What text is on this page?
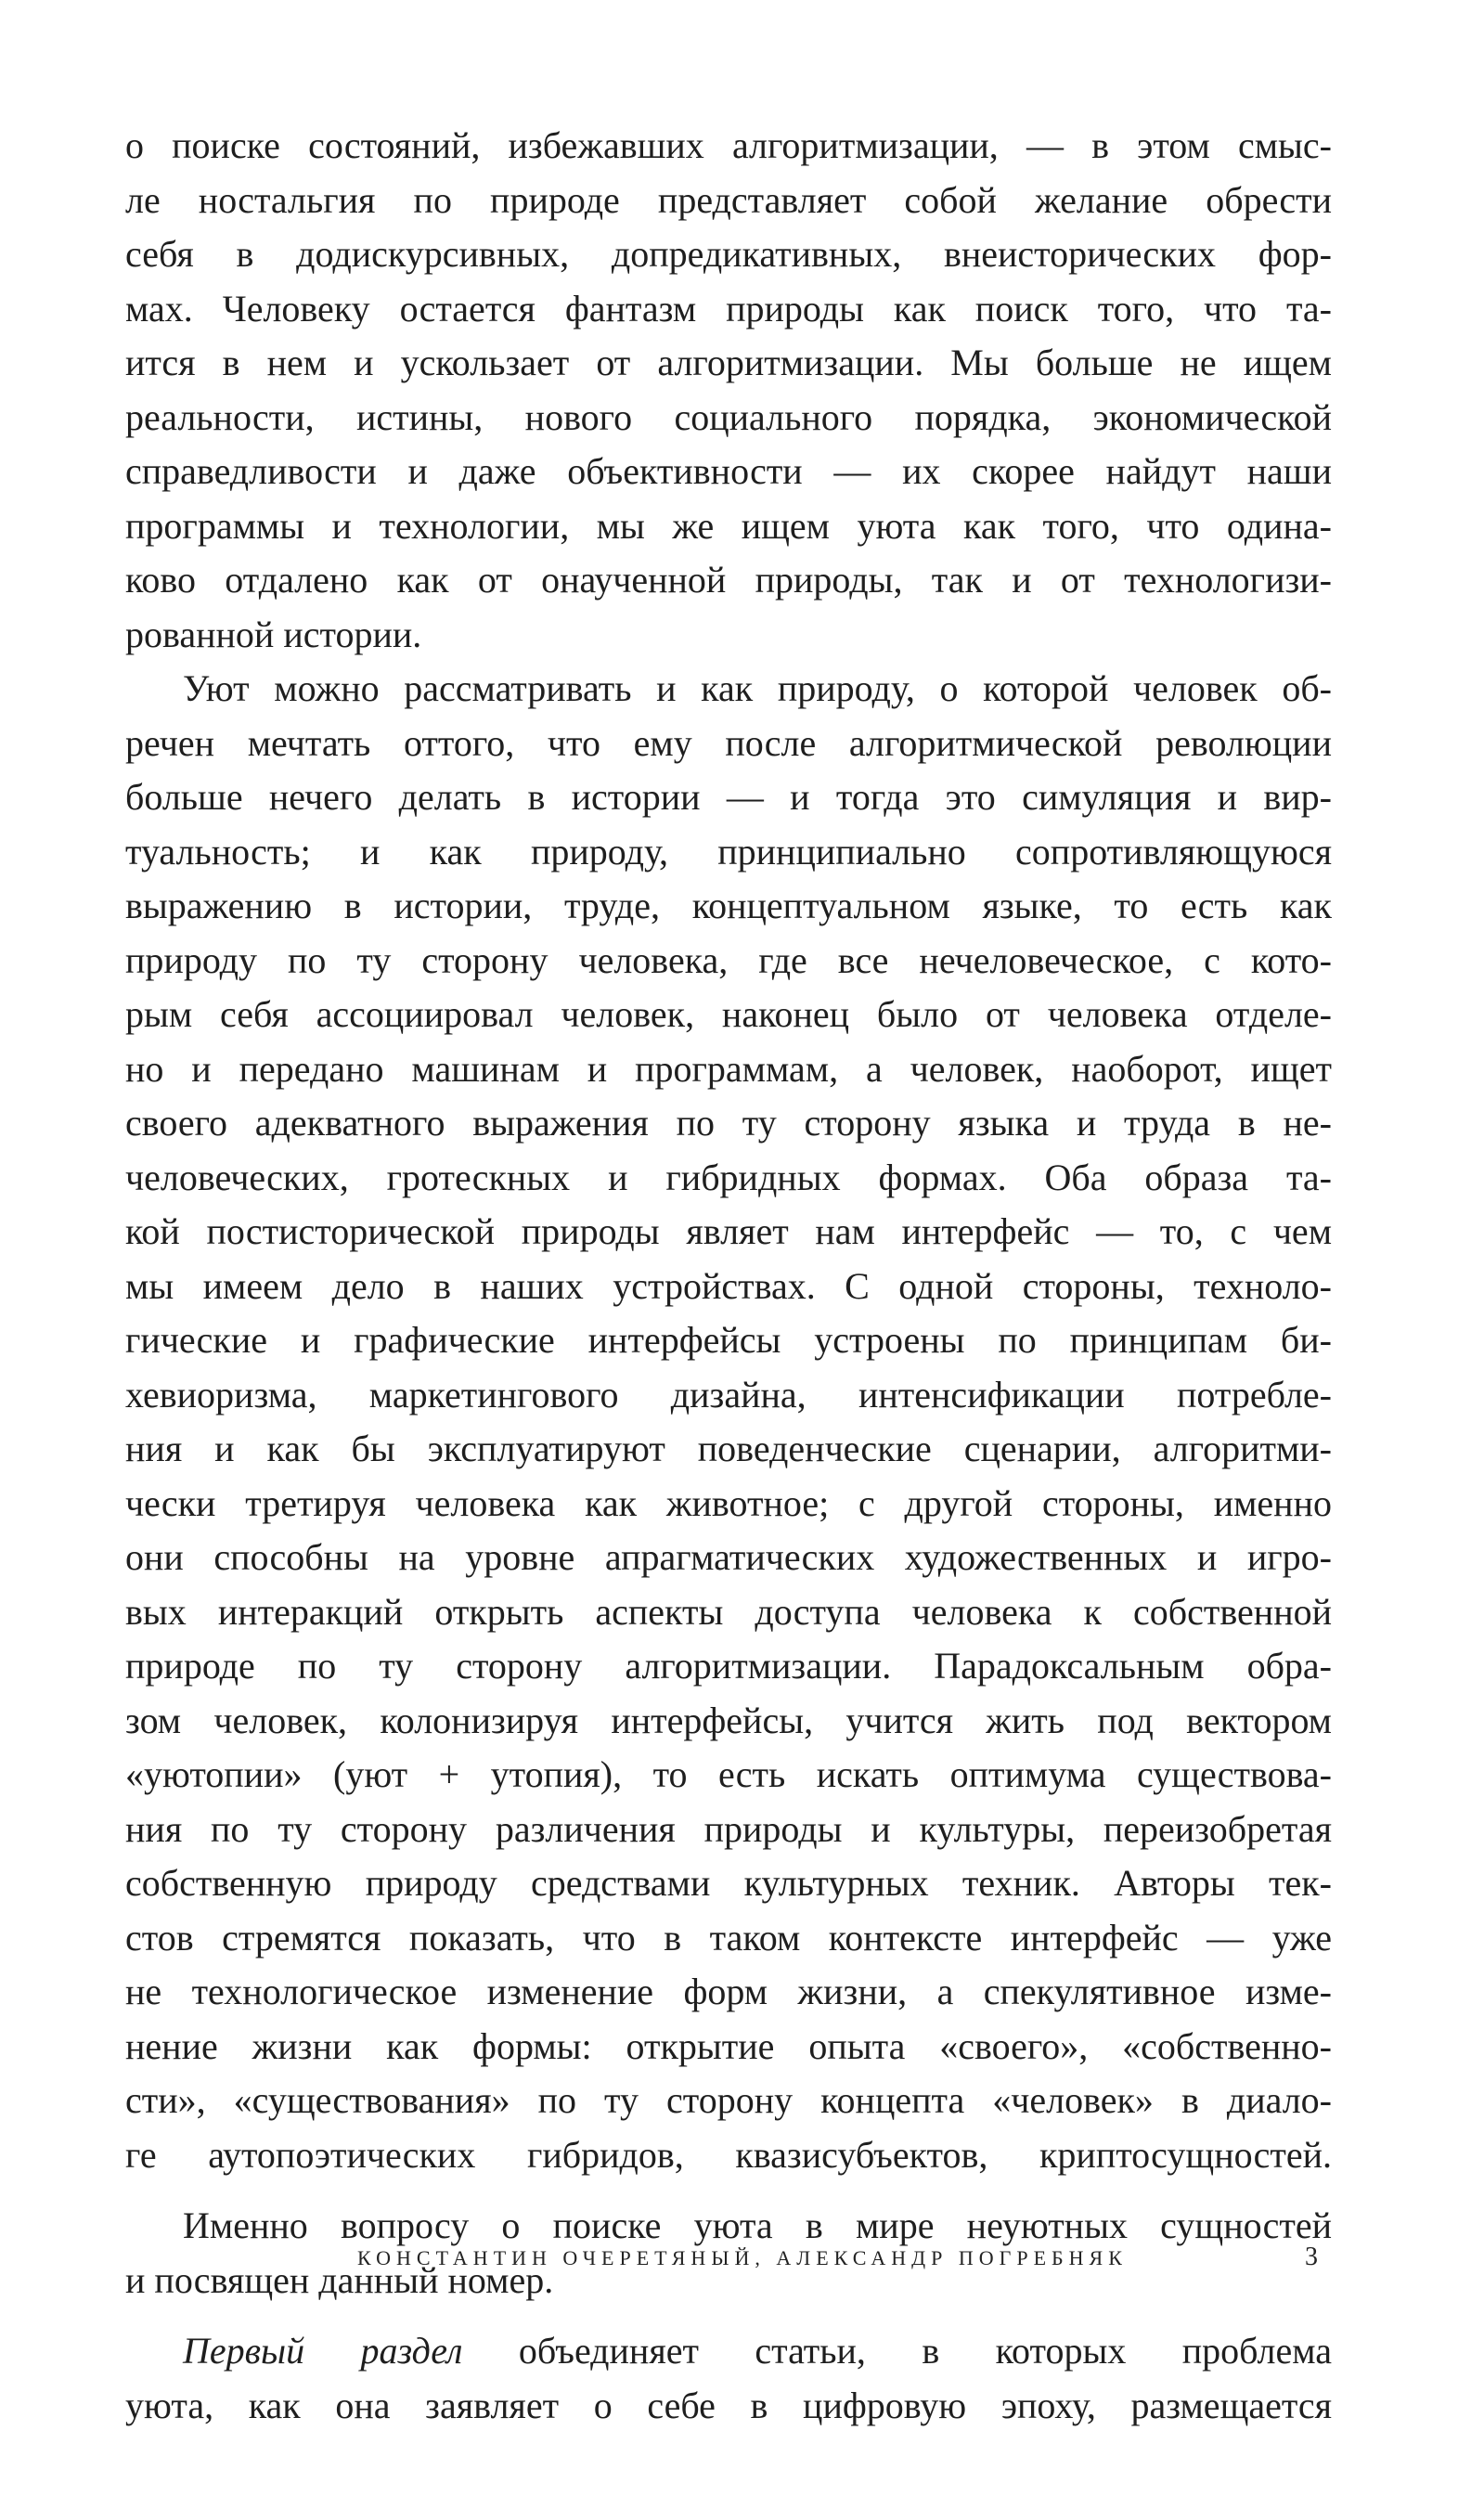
о поиске состояний, избежавших алгоритмизации, — в этом смыс-
ле ностальгия по природе представляет собой желание обрести
себя в додискурсивных, допредикативных, внеисторических фор-
мах. Человеку остается фантазм природы как поиск того, что та-
ится в нем и ускользает от алгоритмизации. Мы больше не ищем
реальности, истины, нового социального порядка, экономической
справедливости и даже объективности — их скорее найдут наши
программы и технологии, мы же ищем уюта как того, что одина-
ково отдалено как от онаученной природы, так и от технологизи-
рованной истории.
Уют можно рассматривать и как природу, о которой человек об-
речен мечтать оттого, что ему после алгоритмической революции
больше нечего делать в истории — и тогда это симуляция и вир-
туальность; и как природу, принципиально сопротивляющуюся
выражению в истории, труде, концептуальном языке, то есть как
природу по ту сторону человека, где все нечеловеческое, с кото-
рым себя ассоциировал человек, наконец было от человека отделе-
но и передано машинам и программам, а человек, наоборот, ищет
своего адекватного выражения по ту сторону языка и труда в не-
человеческих, гротескных и гибридных формах. Оба образа та-
кой постисторической природы являет нам интерфейс — то, с чем
мы имеем дело в наших устройствах. С одной стороны, техноло-
гические и графические интерфейсы устроены по принципам би-
хевиоризма, маркетингового дизайна, интенсификации потребле-
ния и как бы эксплуатируют поведенческие сценарии, алгоритми-
чески третируя человека как животное; с другой стороны, именно
они способны на уровне апрагматических художественных и игро-
вых интеракций открыть аспекты доступа человека к собственной
природе по ту сторону алгоритмизации. Парадоксальным обра-
зом человек, колонизируя интерфейсы, учится жить под вектором
«уютопии» (уют + утопия), то есть искать оптимума существова-
ния по ту сторону различения природы и культуры, переизобретая
собственную природу средствами культурных техник. Авторы тек-
стов стремятся показать, что в таком контексте интерфейс — уже
не технологическое изменение форм жизни, а спекулятивное изме-
нение жизни как формы: открытие опыта «своего», «собственно-
сти», «существования» по ту сторону концепта «человек» в диало-
ге аутопоэтических гибридов, квазисубъектов, криптосущностей.
Именно вопросу о поиске уюта в мире неуютных сущностей
и посвящен данный номер.
Первый раздел объединяет статьи, в которых проблема
уюта, как она заявляет о себе в цифровую эпоху, размещается
КОНСТАНТИН ОЧЕРЕТЯНЫЙ, АЛЕКСАНДР ПОГРЕБНЯК	3
